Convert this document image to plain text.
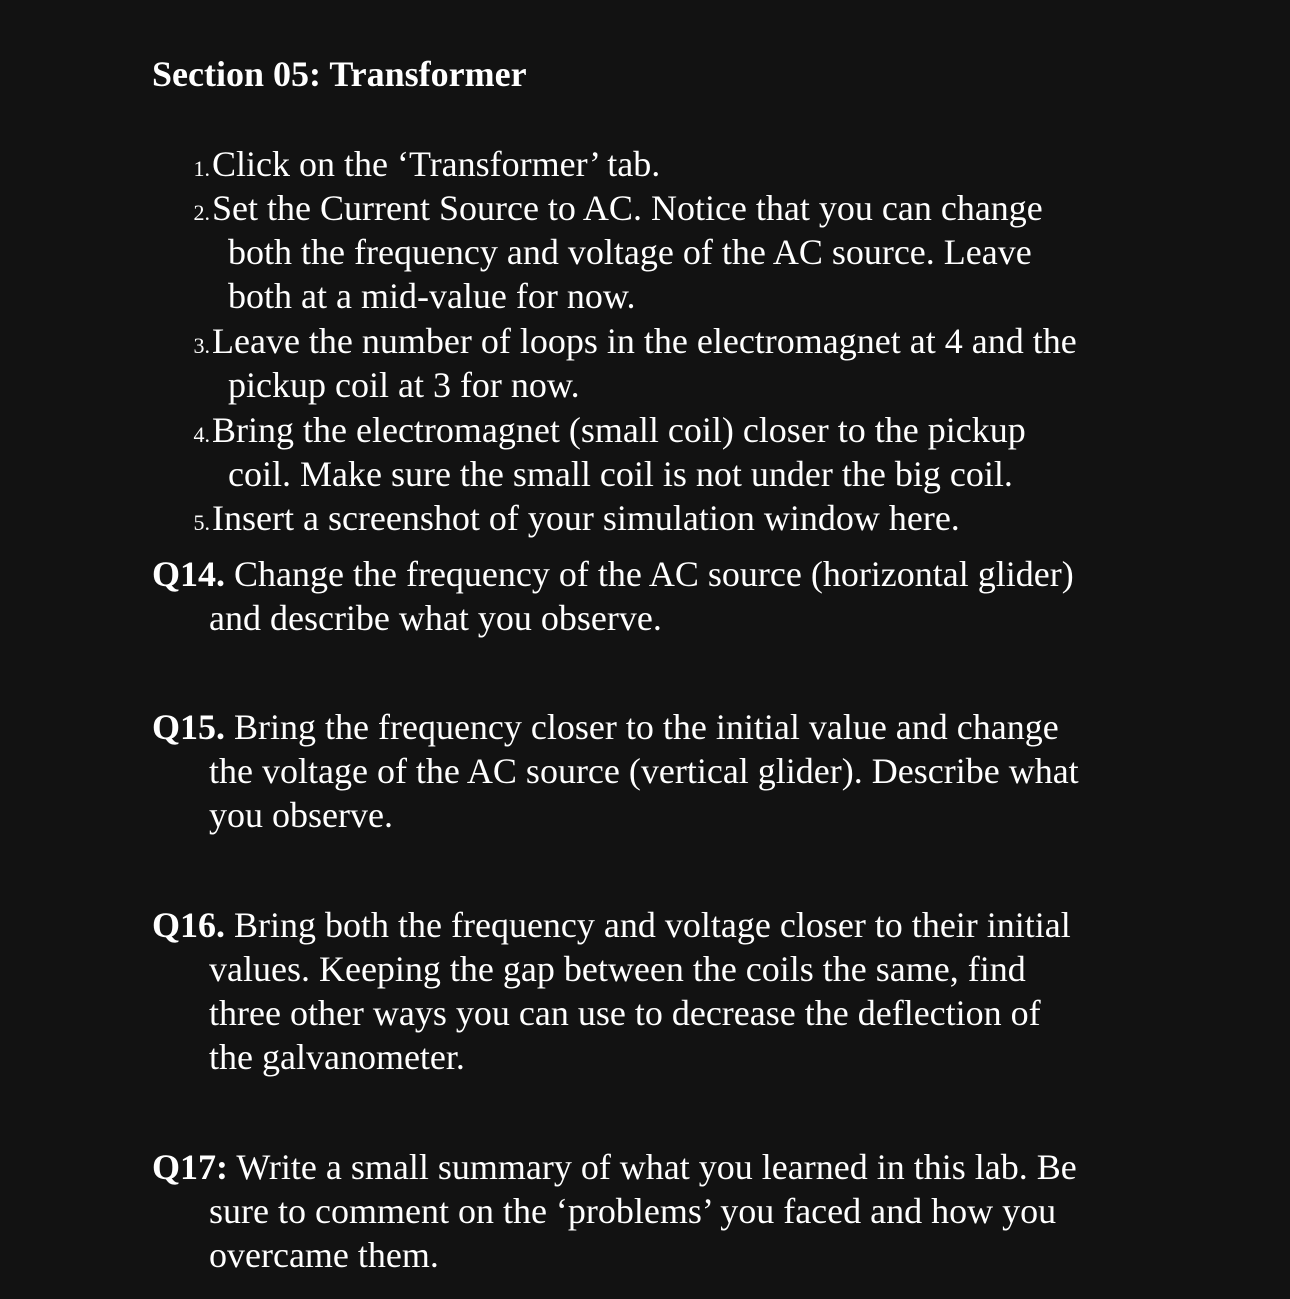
Section 05: Transformer
1. Click on the ‘Transformer’ tab.
2. Set the Current Source to AC. Notice that you can change
both the frequency and voltage of the AC source. Leave
both at a mid-value for now.
3. Leave the number of loops in the electromagnet at 4 and the
pickup coil at 3 for now.
4. Bring the electromagnet (small coil) closer to the pickup
coil. Make sure the small coil is not under the big coil.
5. Insert a screenshot of your simulation window here.
Q14. Change the frequency of the AC source (horizontal glider)
and describe what you observe.
Q15. Bring the frequency closer to the initial value and change
the voltage of the AC source (vertical glider). Describe what
you observe.
Q16. Bring both the frequency and voltage closer to their initial
values. Keeping the gap between the coils the same, find
three other ways you can use to decrease the deflection of
the galvanometer.
Q17: Write a small summary of what you learned in this lab. Be
sure to comment on the ‘problems’ you faced and how you
overcame them.
